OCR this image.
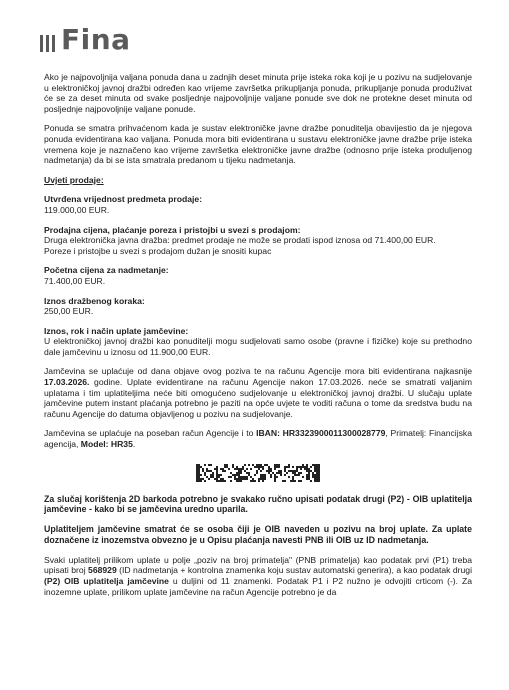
Fina

Ako je najpovoljnija valjana ponuda dana u zadnjih deset minuta prije isteka roka koji je u pozivu na sudjelovanje u elektroničkoj javnoj dražbi određen kao vrijeme završetka prikupljanja ponuda, prikupljanje ponuda produživat će se za deset minuta od svake posljednje najpovoljnije valjane ponude sve dok ne protekne deset minuta od posljednje najpovoljnije valjane ponude.

Ponuda se smatra prihvaćenom kada je sustav elektroničke javne dražbe ponuditelja obavijestio da je njegova ponuda evidentirana kao valjana. Ponuda mora biti evidentirana u sustavu elektroničke javne dražbe prije isteka vremena koje je naznačeno kao vrijeme završetka elektroničke javne dražbe (odnosno prije isteka produljenog nadmetanja) da bi se ista smatrala predanom u tijeku nadmetanja.

Uvjeti prodaje:

Utvrđena vrijednost predmeta prodaje:

119.000,00 EUR.

Prodajna cijena, plaćanje poreza i pristojbi u svezi s prodajom:

Druga elektronička javna dražba: predmet prodaje ne može se prodati ispod iznosa od 71.400,00 EUR.

Poreze i pristojbe u svezi s prodajom dužan je snositi kupac

Početna cijena za nadmetanje:

71.400,00 EUR.

Iznos dražbenog koraka:

250,00 EUR.

Iznos, rok i način uplate jamčevine:

U elektroničkoj javnoj dražbi kao ponuditelji mogu sudjelovati samo osobe (pravne i fizičke) koje su prethodno dale jamčevinu u iznosu od 11.900,00 EUR.

Jamčevina se uplaćuje od dana objave ovog poziva te na računu Agencije mora biti evidentirana najkasnije 17.03.2026. godine. Uplate evidentirane na računu Agencije nakon 17.03.2026. neće se smatrati valjanim uplatama i tim uplatiteljima neće biti omogućeno sudjelovanje u elektroničkoj javnoj dražbi. U slučaju uplate jamčevine putem instant plaćanja potrebno je paziti na opće uvjete te voditi računa o tome da sredstva budu na računu Agencije do datuma objavljenog u pozivu na sudjelovanje.

Jamčevina se uplaćuje na poseban račun Agencije i to IBAN: HR3323900011300028779, Primatelj: Financijska agencija, Model: HR35.

Za slučaj korištenja 2D barkoda potrebno je svakako ručno upisati podatak drugi (P2) - OIB uplatitelja jamčevine - kako bi se jamčevina uredno uparila.

Uplatiteljem jamčevine smatrat će se osoba čiji je OIB naveden u pozivu na broj uplate. Za uplate doznačene iz inozemstva obvezno je u Opisu plaćanja navesti PNB ili OIB uz ID nadmetanja.

Svaki uplatitelj prilikom uplate u polje „poziv na broj primatelja" (PNB primatelja) kao podatak prvi (P1) treba upisati broj 568929 (ID nadmetanja + kontrolna znamenka koju sustav automatski generira), a kao podatak drugi (P2) OIB uplatitelja jamčevine u duljini od 11 znamenki. Podatak P1 i P2 nužno je odvojiti crticom (-). Za inozemne uplate, prilikom uplate jamčevine na račun Agencije potrebno je da
